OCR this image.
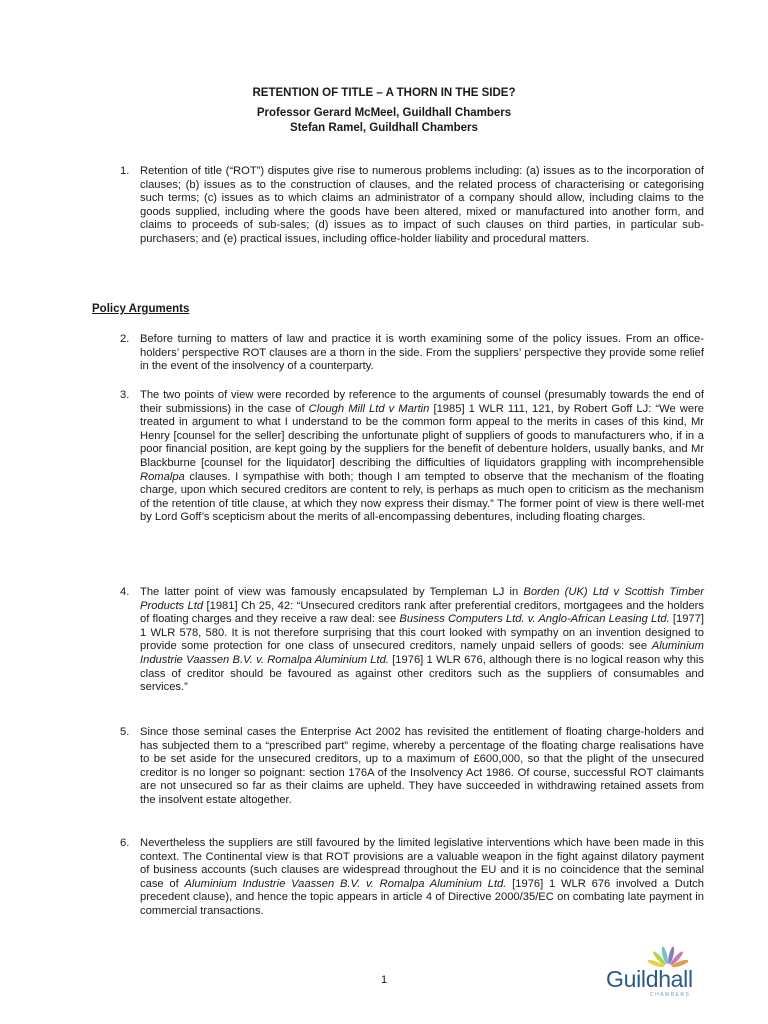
RETENTION OF TITLE – A THORN IN THE SIDE?
Professor Gerard McMeel, Guildhall Chambers
Stefan Ramel, Guildhall Chambers
1. Retention of title (“ROT”) disputes give rise to numerous problems including: (a) issues as to the incorporation of clauses; (b) issues as to the construction of clauses, and the related process of characterising or categorising such terms; (c) issues as to which claims an administrator of a company should allow, including claims to the goods supplied, including where the goods have been altered, mixed or manufactured into another form, and claims to proceeds of sub-sales; (d) issues as to impact of such clauses on third parties, in particular sub-purchasers; and (e) practical issues, including office-holder liability and procedural matters.
Policy Arguments
2. Before turning to matters of law and practice it is worth examining some of the policy issues. From an office-holders’ perspective ROT clauses are a thorn in the side. From the suppliers’ perspective they provide some relief in the event of the insolvency of a counterparty.
3. The two points of view were recorded by reference to the arguments of counsel (presumably towards the end of their submissions) in the case of Clough Mill Ltd v Martin [1985] 1 WLR 111, 121, by Robert Goff LJ: “We were treated in argument to what I understand to be the common form appeal to the merits in cases of this kind, Mr Henry [counsel for the seller] describing the unfortunate plight of suppliers of goods to manufacturers who, if in a poor financial position, are kept going by the suppliers for the benefit of debenture holders, usually banks, and Mr Blackburne [counsel for the liquidator] describing the difficulties of liquidators grappling with incomprehensible Romalpa clauses. I sympathise with both; though I am tempted to observe that the mechanism of the floating charge, upon which secured creditors are content to rely, is perhaps as much open to criticism as the mechanism of the retention of title clause, at which they now express their dismay.” The former point of view is there well-met by Lord Goff’s scepticism about the merits of all-encompassing debentures, including floating charges.
4. The latter point of view was famously encapsulated by Templeman LJ in Borden (UK) Ltd v Scottish Timber Products Ltd [1981] Ch 25, 42: “Unsecured creditors rank after preferential creditors, mortgagees and the holders of floating charges and they receive a raw deal: see Business Computers Ltd. v. Anglo-African Leasing Ltd. [1977] 1 WLR 578, 580. It is not therefore surprising that this court looked with sympathy on an invention designed to provide some protection for one class of unsecured creditors, namely unpaid sellers of goods: see Aluminium Industrie Vaassen B.V. v. Romalpa Aluminium Ltd. [1976] 1 WLR 676, although there is no logical reason why this class of creditor should be favoured as against other creditors such as the suppliers of consumables and services.”
5. Since those seminal cases the Enterprise Act 2002 has revisited the entitlement of floating charge-holders and has subjected them to a “prescribed part” regime, whereby a percentage of the floating charge realisations have to be set aside for the unsecured creditors, up to a maximum of £600,000, so that the plight of the unsecured creditor is no longer so poignant: section 176A of the Insolvency Act 1986. Of course, successful ROT claimants are not unsecured so far as their claims are upheld. They have succeeded in withdrawing retained assets from the insolvent estate altogether.
6. Nevertheless the suppliers are still favoured by the limited legislative interventions which have been made in this context. The Continental view is that ROT provisions are a valuable weapon in the fight against dilatory payment of business accounts (such clauses are widespread throughout the EU and it is no coincidence that the seminal case of Aluminium Industrie Vaassen B.V. v. Romalpa Aluminium Ltd. [1976] 1 WLR 676 involved a Dutch precedent clause), and hence the topic appears in article 4 of Directive 2000/35/EC on combating late payment in commercial transactions.
1	Guildhall
CHAMBERS
